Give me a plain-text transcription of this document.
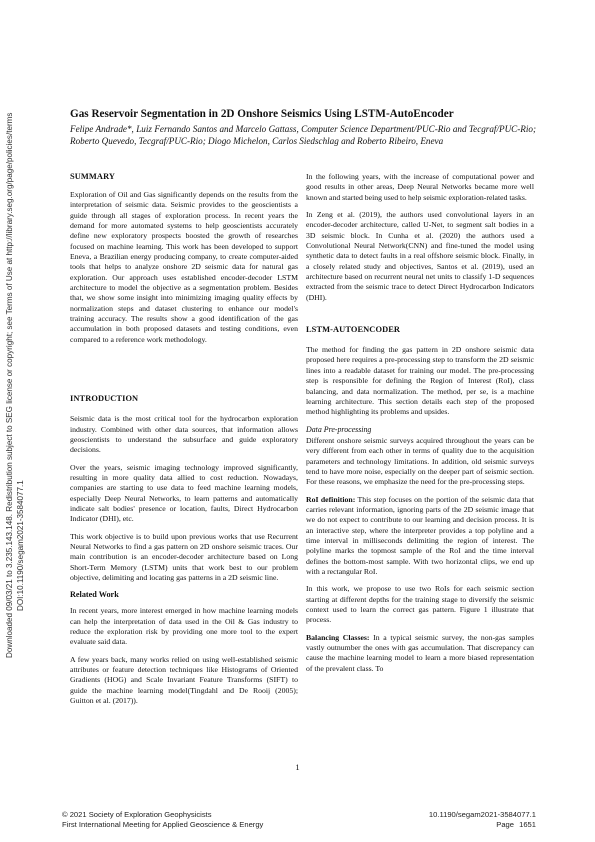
Downloaded 09/03/21 to 3.235.143.148. Redistribution subject to SEG license or copyright; see Terms of Use at http://library.seg.org/page/policies/terms DOI:10.1190/segam2021-3584077.1
Gas Reservoir Segmentation in 2D Onshore Seismics Using LSTM-AutoEncoder

Felipe Andrade*, Luiz Fernando Santos and Marcelo Gattass, Computer Science Department/PUC-Rio and Tecgraf/PUC-Rio; Roberto Quevedo, Tecgraf/PUC-Rio; Diogo Michelon, Carlos Siedschlag and Roberto Ribeiro, Eneva

SUMMARY

Exploration of Oil and Gas significantly depends on the results from the interpretation of seismic data. Seismic provides to the geoscientists a guide through all stages of exploration process. In recent years the demand for more automated systems to help geoscientists accurately define new exploratory prospects boosted the growth of researches focused on machine learning. This work has been developed to support Eneva, a Brazilian energy producing company, to create computer-aided tools that helps to analyze onshore 2D seismic data for natural gas exploration. Our approach uses established encoder-decoder LSTM architecture to model the objective as a segmentation problem. Besides that, we show some insight into minimizing imaging quality effects by normalization steps and dataset clustering to enhance our model's training accuracy. The results show a good identification of the gas accumulation in both proposed datasets and testing conditions, even compared to a reference work methodology.

INTRODUCTION

Seismic data is the most critical tool for the hydrocarbon exploration industry. Combined with other data sources, that information allows geoscientists to understand the subsurface and guide exploratory decisions.

Over the years, seismic imaging technology improved significantly, resulting in more quality data allied to cost reduction. Nowadays, companies are starting to use data to feed machine learning models, especially Deep Neural Networks, to learn patterns and automatically indicate salt bodies' presence or location, faults, Direct Hydrocarbon Indicator (DHI), etc.

This work objective is to build upon previous works that use Recurrent Neural Networks to find a gas pattern on 2D onshore seismic traces. Our main contribution is an encoder-decoder architecture based on Long Short-Term Memory (LSTM) units that work best to our problem objective, delimiting and locating gas patterns in a 2D seismic line.

Related Work

In recent years, more interest emerged in how machine learning models can help the interpretation of data used in the Oil & Gas industry to reduce the exploration risk by providing one more tool to the expert evaluate said data.

A few years back, many works relied on using well-established seismic attributes or feature detection techniques like Histograms of Oriented Gradients (HOG) and Scale Invariant Feature Transforms (SIFT) to guide the machine learning model(Tingdahl and De Rooij (2005); Guitton et al. (2017)).

In the following years, with the increase of computational power and good results in other areas, Deep Neural Networks became more well known and started being used to help seismic exploration-related tasks.

In Zeng et al. (2019), the authors used convolutional layers in an encoder-decoder architecture, called U-Net, to segment salt bodies in a 3D seismic block. In Cunha et al. (2020) the authors used a Convolutional Neural Network(CNN) and fine-tuned the model using synthetic data to detect faults in a real offshore seismic block. Finally, in a closely related study and objectives, Santos et al. (2019), used an architecture based on recurrent neural net units to classify 1-D sequences extracted from the seismic trace to detect Direct Hydrocarbon Indicators (DHI).

LSTM-AUTOENCODER

The method for finding the gas pattern in 2D onshore seismic data proposed here requires a pre-processing step to transform the 2D seismic lines into a readable dataset for training our model. The pre-processing step is responsible for defining the Region of Interest (RoI), class balancing, and data normalization. The method, per se, is a machine learning architecture. This section details each step of the proposed method highlighting its problems and upsides.

Data Pre-processing

Different onshore seismic surveys acquired throughout the years can be very different from each other in terms of quality due to the acquisition parameters and technology limitations. In addition, old seismic surveys tend to have more noise, especially on the deeper part of seismic section. For these reasons, we emphasize the need for the pre-processing steps.

RoI definition: This step focuses on the portion of the seismic data that carries relevant information, ignoring parts of the 2D seismic image that we do not expect to contribute to our learning and decision process. It is an interactive step, where the interpreter provides a top polyline and a time interval in milliseconds delimiting the region of interest. The polyline marks the topmost sample of the RoI and the time interval defines the bottom-most sample. With two horizontal clips, we end up with a rectangular RoI.

In this work, we propose to use two RoIs for each seismic section starting at different depths for the training stage to diversify the seismic context used to learn the correct gas pattern. Figure 1 illustrate that process.

Balancing Classes: In a typical seismic survey, the non-gas samples vastly outnumber the ones with gas accumulation. That discrepancy can cause the machine learning model to learn a more biased representation of the prevalent class. To

1
© 2021 Society of Exploration Geophysicists
First International Meeting for Applied Geoscience & Energy
10.1190/segam2021-3584077.1
Page 1651
